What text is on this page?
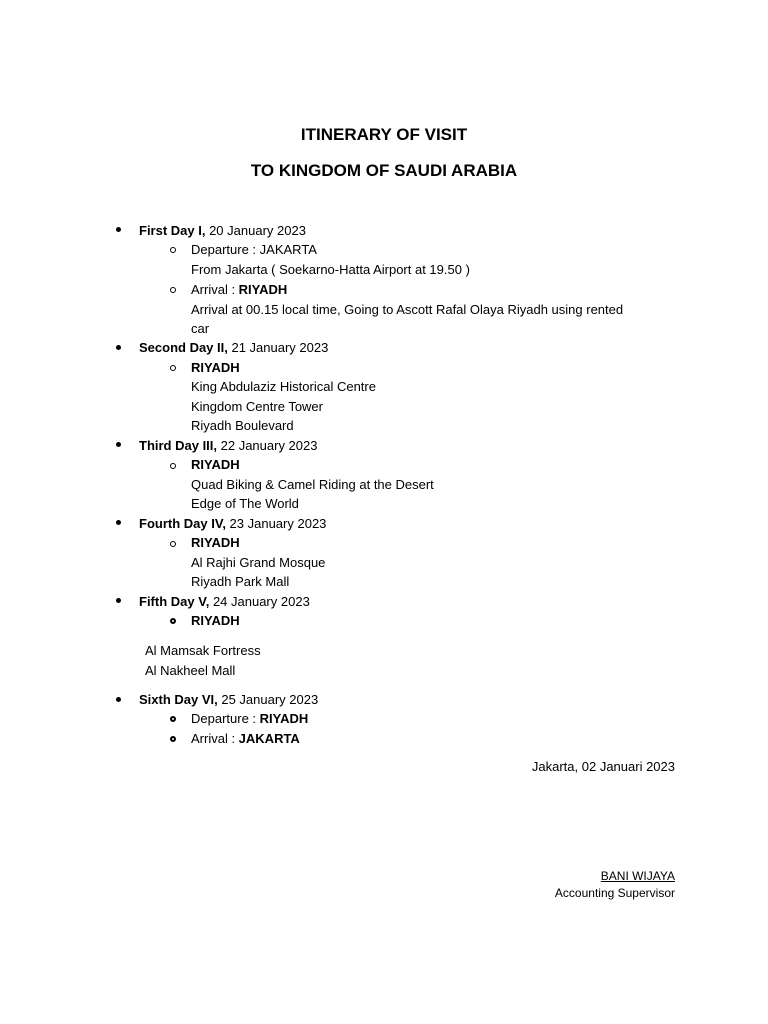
ITINERARY OF VISIT
TO KINGDOM OF SAUDI ARABIA
First Day I, 20 January 2023
Departure : JAKARTA
From Jakarta ( Soekarno-Hatta Airport at 19.50 )
Arrival : RIYADH
Arrival at 00.15 local time, Going to Ascott Rafal Olaya Riyadh using rented
car
Second Day II, 21 January 2023
RIYADH
King Abdulaziz Historical Centre
Kingdom Centre Tower
Riyadh Boulevard
Third Day III, 22 January 2023
RIYADH
Quad Biking & Camel Riding at the Desert
Edge of The World
Fourth Day IV, 23 January 2023
RIYADH
Al Rajhi Grand Mosque
Riyadh Park Mall
Fifth Day V, 24 January 2023
RIYADH
Al Mamsak Fortress
Al Nakheel Mall
Sixth Day VI, 25 January 2023
Departure : RIYADH
Arrival : JAKARTA
Jakarta, 02 Januari 2023
BANI WIJAYA
Accounting Supervisor
